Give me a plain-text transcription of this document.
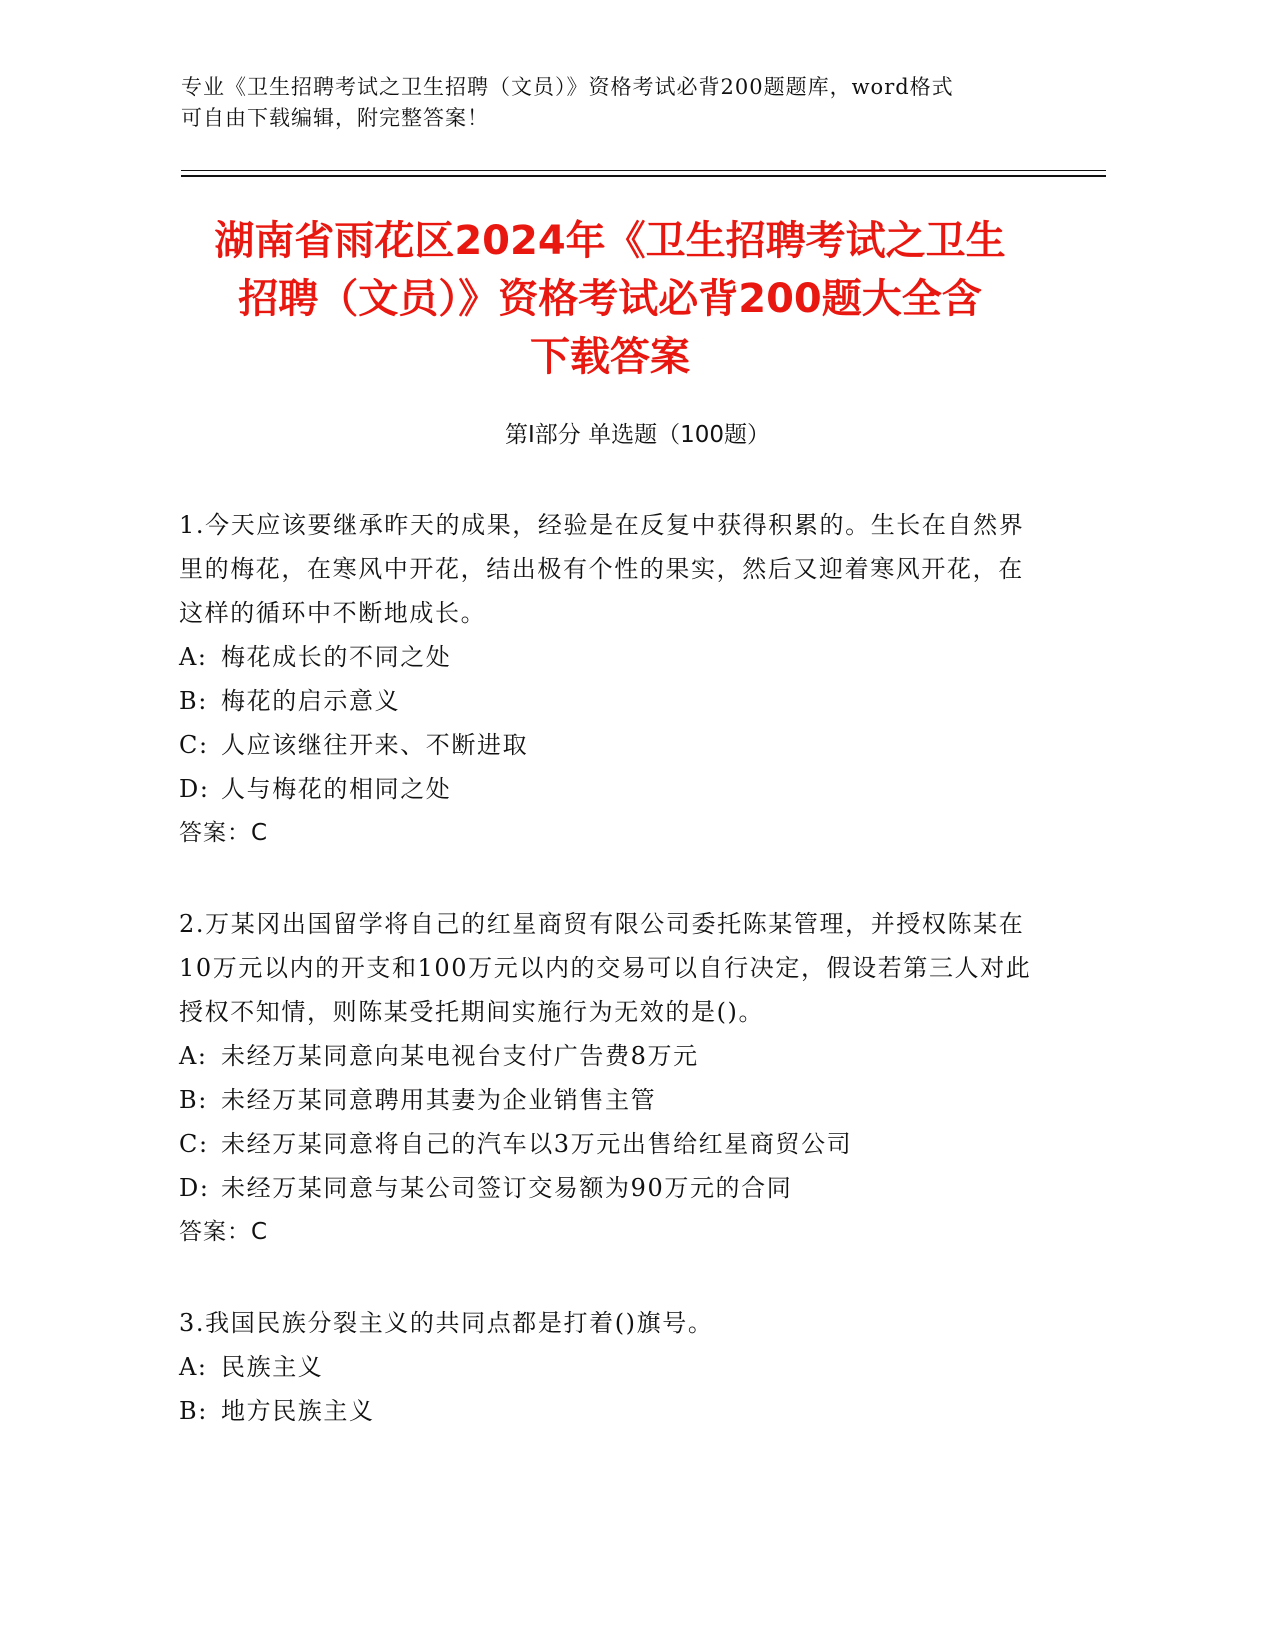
专业《卫生招聘考试之卫生招聘（文员）》资格考试必背200题题库，word格式
可自由下载编辑，附完整答案！
湖南省雨花区2024年《卫生招聘考试之卫生
招聘（文员）》资格考试必背200题大全含
下载答案
第Ⅰ部分 单选题（100题）

1.今天应该要继承昨天的成果，经验是在反复中获得积累的。生长在自然界里的梅花，在寒风中开花，结出极有个性的果实，然后又迎着寒风开花，在这样的循环中不断地成长。

A: 梅花成长的不同之处

B: 梅花的启示意义

C: 人应该继往开来、不断进取

D: 人与梅花的相同之处

答案：C

2.万某冈出国留学将自己的红星商贸有限公司委托陈某管理，并授权陈某在10万元以内的开支和100万元以内的交易可以自行决定，假设若第三人对此授权不知情，则陈某受托期间实施行为无效的是()。

A: 未经万某同意向某电视台支付广告费8万元

B: 未经万某同意聘用其妻为企业销售主管

C: 未经万某同意将自己的汽车以3万元出售给红星商贸公司

D: 未经万某同意与某公司签订交易额为90万元的合同

答案：C

3.我国民族分裂主义的共同点都是打着()旗号。

A: 民族主义

B: 地方民族主义
